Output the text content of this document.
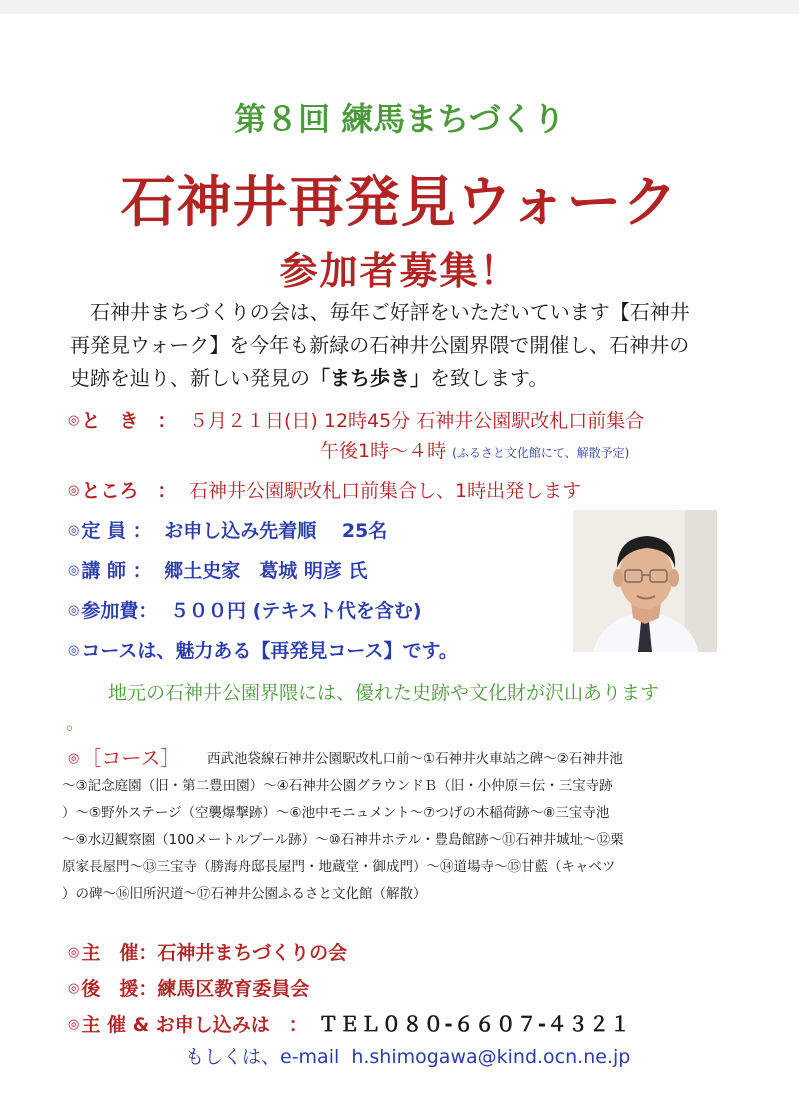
第８回 練馬まちづくり
石神井再発見ウォーク
参加者募集！
石神井まちづくりの会は、毎年ご好評をいただいています【石神井
再発見ウォーク】を今年も新緑の石神井公園界隈で開催し、石神井の
史跡を辿り、新しい発見の「まち歩き」を致します。
◎ と　き　： ５月２１日(日) 12時45分 石神井公園駅改札口前集合
午後1時～４時 (ふるさと文化館にて、解散予定)
◎ ところ　： 石神井公園駅改札口前集合し、1時出発します
◎ 定 員 ： お申し込み先着順　 25名
◎ 講 師 ： 郷土史家　葛城 明彦 氏
◎ 参加費： ５００円 (テキスト代を含む)
◎ コースは、魅力ある【再発見コース】です。
地元の石神井公園界隈には、優れた史跡や文化財が沢山あります
。
◎ ［コース］ 西武池袋線石神井公園駅改札口前～①石神井火車站之碑～②石神井池
～③記念庭園（旧・第二豊田園）～④石神井公園グラウンドＢ（旧・小仲原＝伝・三宝寺跡
）～⑤野外ステージ（空襲爆撃跡）～⑥池中モニュメント～⑦つげの木稲荷跡～⑧三宝寺池
～⑨水辺観察園（100メートルプール跡）～⑩石神井ホテル・豊島館跡～⑪石神井城址～⑫栗
原家長屋門～⑬三宝寺（勝海舟邸長屋門・地蔵堂・御成門）～⑭道場寺～⑮甘藍（キャベツ
）の碑～⑯旧所沢道～⑰石神井公園ふるさと文化館（解散）
◎ 主　催：石神井まちづくりの会
◎ 後　援：練馬区教育委員会
◎ 主 催 & お申し込みは　： ＴＥＬ０８０-６６０７-４３２１
もしくは、e-mail h.shimogawa@kind.ocn.ne.jp
